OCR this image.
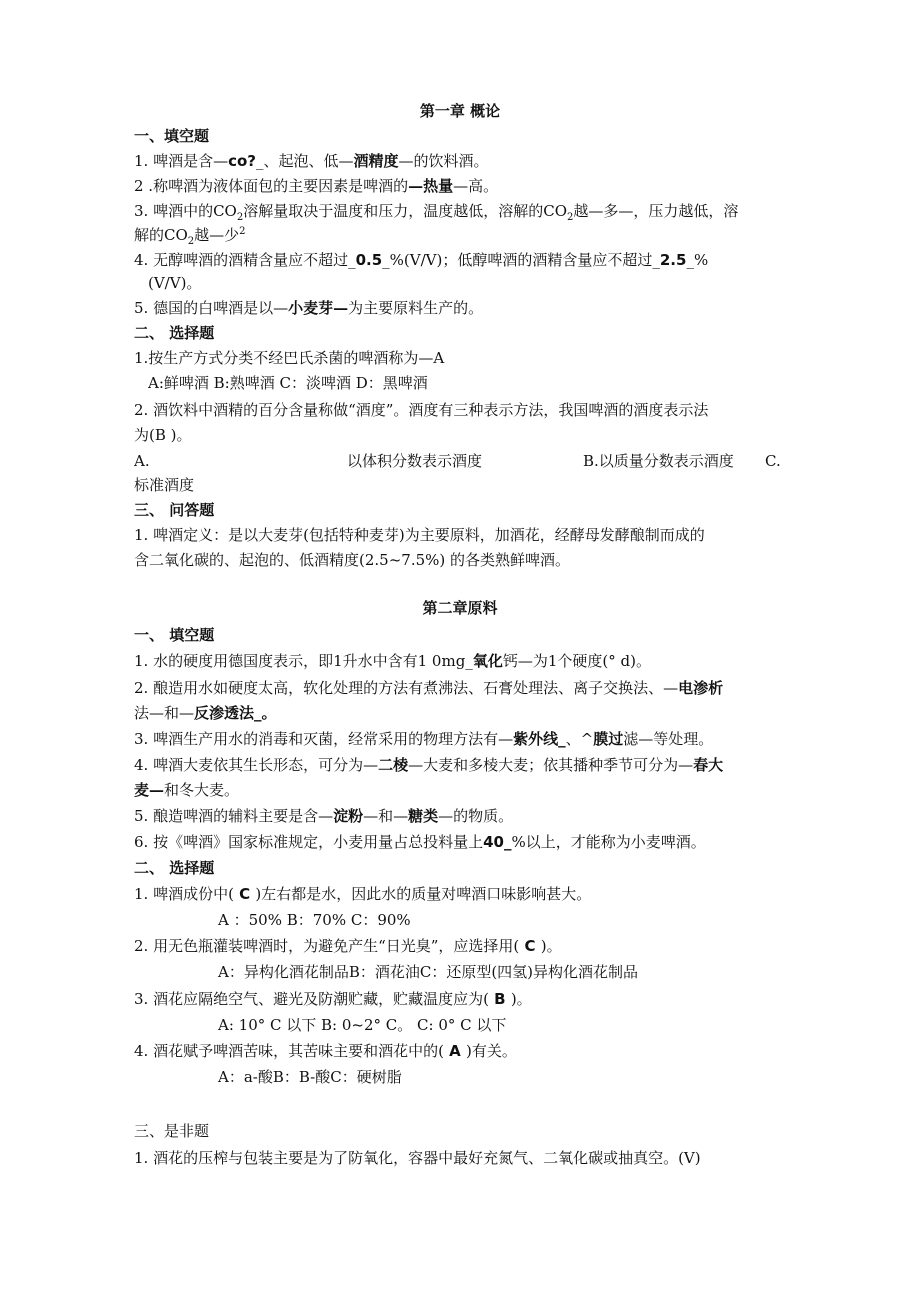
第一章 概论
一、填空题
1. 啤酒是含—co?_、起泡、低—酒精度—的饮料酒。
2 .称啤酒为液体面包的主要因素是啤酒的—热量—高。
3. 啤酒中的$CO_2$溶解量取决于温度和压力，温度越低，溶解的$CO_2$越—多—，压力越低，溶
解的$CO_2$越—少$^2$
4. 无醇啤酒的酒精含量应不超过_0.5_%(V/V)；低醇啤酒的酒精含量应不超过_2.5_%
(V/V)。
5. 德国的白啤酒是以—小麦芽—为主要原料生产的。
二、 选择题
1.按生产方式分类不经巴氏杀菌的啤酒称为—A
A:鲜啤酒 B:熟啤酒 C：淡啤酒 D：黑啤酒
2. 酒饮料中酒精的百分含量称做“酒度”。酒度有三种表示方法，我国啤酒的酒度表示法
为(B )。
A.	以体积分数表示酒度	B.以质量分数表示酒度 C.
标准酒度
三、 问答题
1. 啤酒定义：是以大麦芽(包括特种麦芽)为主要原料，加酒花，经酵母发酵酿制而成的
含二氧化碳的、起泡的、低酒精度(2.5~7.5%) 的各类熟鲜啤酒。
第二章原料
一、 填空题
1. 水的硬度用德国度表示，即1升水中含有1 0mg_氧化钙—为1个硬度(° d)。
2. 酿造用水如硬度太高，软化处理的方法有煮沸法、石膏处理法、离子交换法、—电渗析
法—和—反渗透法_。
3. 啤酒生产用水的消毒和灭菌，经常采用的物理方法有—紫外线_、^膜过滤—等处理。
4. 啤酒大麦依其生长形态，可分为—二棱—大麦和多棱大麦；依其播种季节可分为—春大
麦—和冬大麦。
5. 酿造啤酒的辅料主要是含—淀粉—和—糖类—的物质。
6. 按《啤酒》国家标准规定，小麦用量占总投料量上40_%以上，才能称为小麦啤酒。
二、 选择题
1. 啤酒成份中( C )左右都是水，因此水的质量对啤酒口味影响甚大。
A ：50% B：70% C：90%
2. 用无色瓶灌装啤酒时，为避免产生“日光臭”，应选择用( C )。
A：异构化酒花制品B：酒花油C：还原型(四氢)异构化酒花制品
3. 酒花应隔绝空气、避光及防潮贮藏，贮藏温度应为( B )。
A: 10° C 以下 B: 0~2° C。 C: 0° C 以下
4. 酒花赋予啤酒苦味，其苦味主要和酒花中的( A )有关。
A：a-酸B：B-酸C：硬树脂
三、是非题
1. 酒花的压榨与包装主要是为了防氧化，容器中最好充氮气、二氧化碳或抽真空。(V)
